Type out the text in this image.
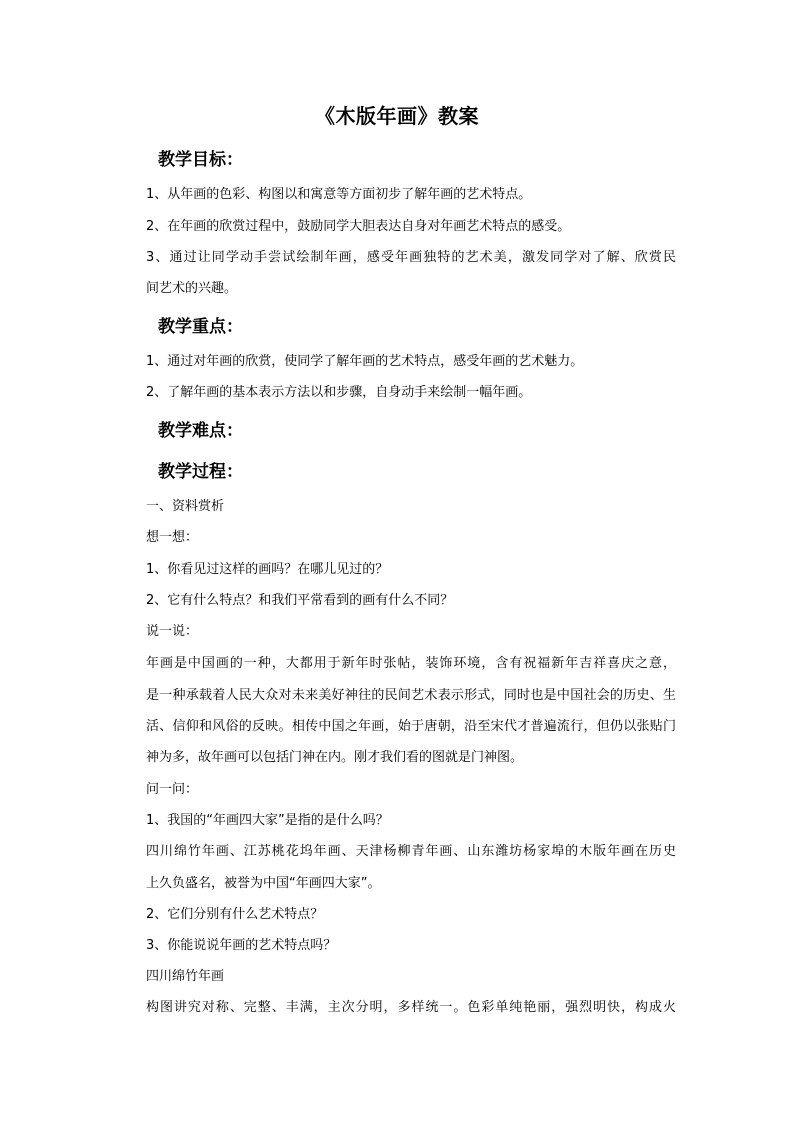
《木版年画》教案
教学目标：
1、从年画的色彩、构图以和寓意等方面初步了解年画的艺术特点。
2、在年画的欣赏过程中，鼓励同学大胆表达自身对年画艺术特点的感受。
3、通过让同学动手尝试绘制年画，感受年画独特的艺术美，激发同学对了解、欣赏民
间艺术的兴趣。
教学重点：
1、通过对年画的欣赏，使同学了解年画的艺术特点，感受年画的艺术魅力。
2、了解年画的基本表示方法以和步骤，自身动手来绘制一幅年画。
教学难点：
教学过程：
一、资料赏析
想一想：
1、你看见过这样的画吗？在哪儿见过的？
2、它有什么特点？和我们平常看到的画有什么不同？
说一说：
年画是中国画的一种，大都用于新年时张帖，装饰环境，含有祝福新年吉祥喜庆之意，
是一种承载着人民大众对未来美好神往的民间艺术表示形式，同时也是中国社会的历史、生
活、信仰和风俗的反映。相传中国之年画，始于唐朝，沿至宋代才普遍流行，但仍以张贴门
神为多，故年画可以包括门神在内。刚才我们看的图就是门神图。
问一问：
1、我国的“年画四大家”是指的是什么吗？
四川绵竹年画、江苏桃花坞年画、天津杨柳青年画、山东潍坊杨家埠的木版年画在历史
上久负盛名，被誉为中国“年画四大家”。
2、它们分别有什么艺术特点？
3、你能说说年画的艺术特点吗？
四川绵竹年画
构图讲究对称、完整、丰满，主次分明，多样统一。色彩单纯艳丽，强烈明快，构成火
